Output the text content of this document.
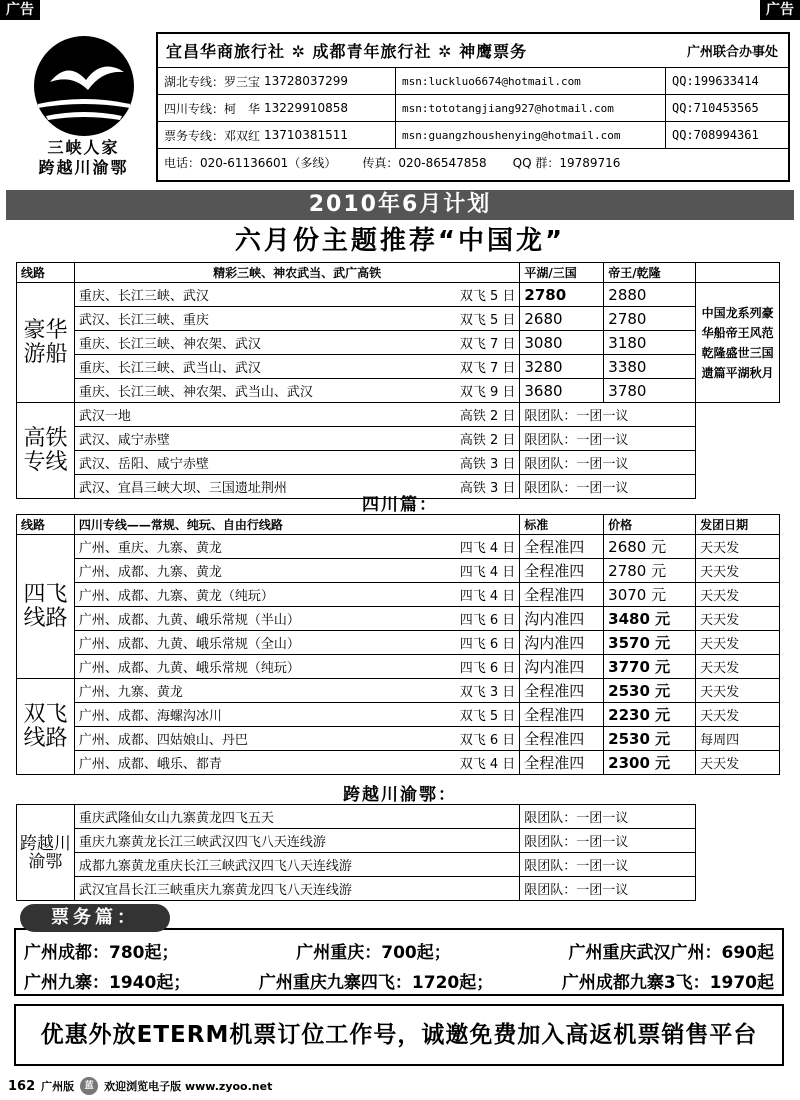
广告	广告
三峡人家
跨越川渝鄂
宜昌华商旅行社 ✲ 成都青年旅行社 ✲ 神鹰票务	广州联合办事处
湖北专线：罗三宝 13728037299	msn:luckluo6674@hotmail.com	QQ:199633414
四川专线：柯　华 13229910858	msn:tototangjiang927@hotmail.com	QQ:710453565
票务专线：邓双红 13710381511	msn:guangzhoushenying@hotmail.com	QQ:708994361
电话：020-61136601（多线） 传真：020-86547858 QQ 群：19789716
2010年6月计划
六月份主题推荐“中国龙”
线路	精彩三峡、神农武当、武广高铁	平湖/三国	帝王/乾隆	
豪华游船	重庆、长江三峡、武汉 双飞 5 日	2780	2880	中国龙系列豪华船帝王风范乾隆盛世三国遗篇平湖秋月

	武汉、长江三峡、重庆 双飞 5 日	2680	2780	

	重庆、长江三峡、神农架、武汉 双飞 7 日	3080	3180	

	重庆、长江三峡、武当山、武汉 双飞 7 日	3280	3380	

	重庆、长江三峡、神农架、武当山、武汉 双飞 9 日	3680	3780	
高铁专线	武汉一地 高铁 2 日	限团队：一团一议		

	武汉、咸宁赤壁 高铁 2 日	限团队：一团一议		

	武汉、岳阳、咸宁赤壁 高铁 3 日	限团队：一团一议		

	武汉、宜昌三峡大坝、三国遗址荆州 高铁 3 日	限团队：一团一议		
四川篇：
线路	四川专线——常规、纯玩、自由行线路	标准	价格	发团日期
四飞线路	广州、重庆、九寨、黄龙 四飞 4 日	全程准四	2680 元	天天发

	广州、成都、九寨、黄龙 四飞 4 日	全程准四	2780 元	天天发

	广州、成都、九寨、黄龙（纯玩） 四飞 4 日	全程准四	3070 元	天天发

	广州、成都、九黄、峨乐常规（半山） 四飞 6 日	沟内准四	3480 元	天天发

	广州、成都、九黄、峨乐常规（全山） 四飞 6 日	沟内准四	3570 元	天天发

	广州、成都、九黄、峨乐常规（纯玩） 四飞 6 日	沟内准四	3770 元	天天发
双飞线路	广州、九寨、黄龙 双飞 3 日	全程准四	2530 元	天天发

	广州、成都、海螺沟冰川 双飞 5 日	全程准四	2230 元	天天发

	广州、成都、四姑娘山、丹巴 双飞 6 日	全程准四	2530 元	每周四

	广州、成都、峨乐、都青 双飞 4 日	全程准四	2300 元	天天发
跨越川渝鄂：
跨越川渝鄂	重庆武隆仙女山九寨黄龙四飞五天	限团队：一团一议
	重庆九寨黄龙长江三峡武汉四飞八天连线游	限团队：一团一议
	成都九寨黄龙重庆长江三峡武汉四飞八天连线游	限团队：一团一议
	武汉宜昌长江三峡重庆九寨黄龙四飞八天连线游	限团队：一团一议
广州成都：780起；	广州重庆：700起；	广州重庆武汉广州：690起
广州九寨：1940起；	广州重庆九寨四飞：1720起；	广州成都九寨3飞：1970起
票务篇：
优惠外放ETERM机票订位工作号，诚邀免费加入高返机票销售平台
162 广州版	蓝 欢迎浏览电子版 www.zyoo.net
